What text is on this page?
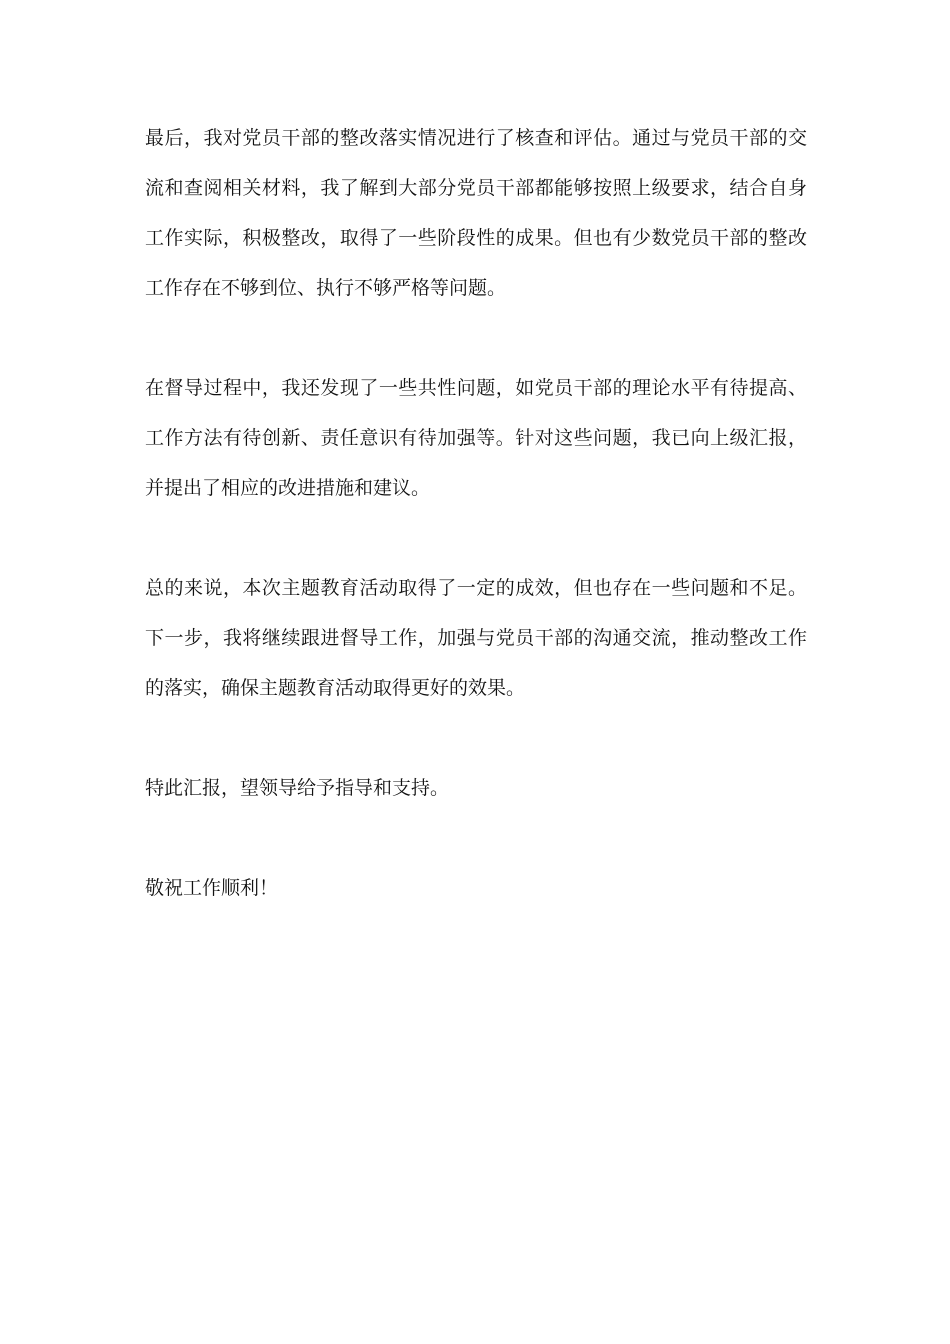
最后，我对党员干部的整改落实情况进行了核查和评估。通过与党员干部的交流和查阅相关材料，我了解到大部分党员干部都能够按照上级要求，结合自身工作实际，积极整改，取得了一些阶段性的成果。但也有少数党员干部的整改工作存在不够到位、执行不够严格等问题。

在督导过程中，我还发现了一些共性问题，如党员干部的理论水平有待提高、工作方法有待创新、责任意识有待加强等。针对这些问题，我已向上级汇报，并提出了相应的改进措施和建议。

总的来说，本次主题教育活动取得了一定的成效，但也存在一些问题和不足。下一步，我将继续跟进督导工作，加强与党员干部的沟通交流，推动整改工作的落实，确保主题教育活动取得更好的效果。

特此汇报，望领导给予指导和支持。

敬祝工作顺利！
